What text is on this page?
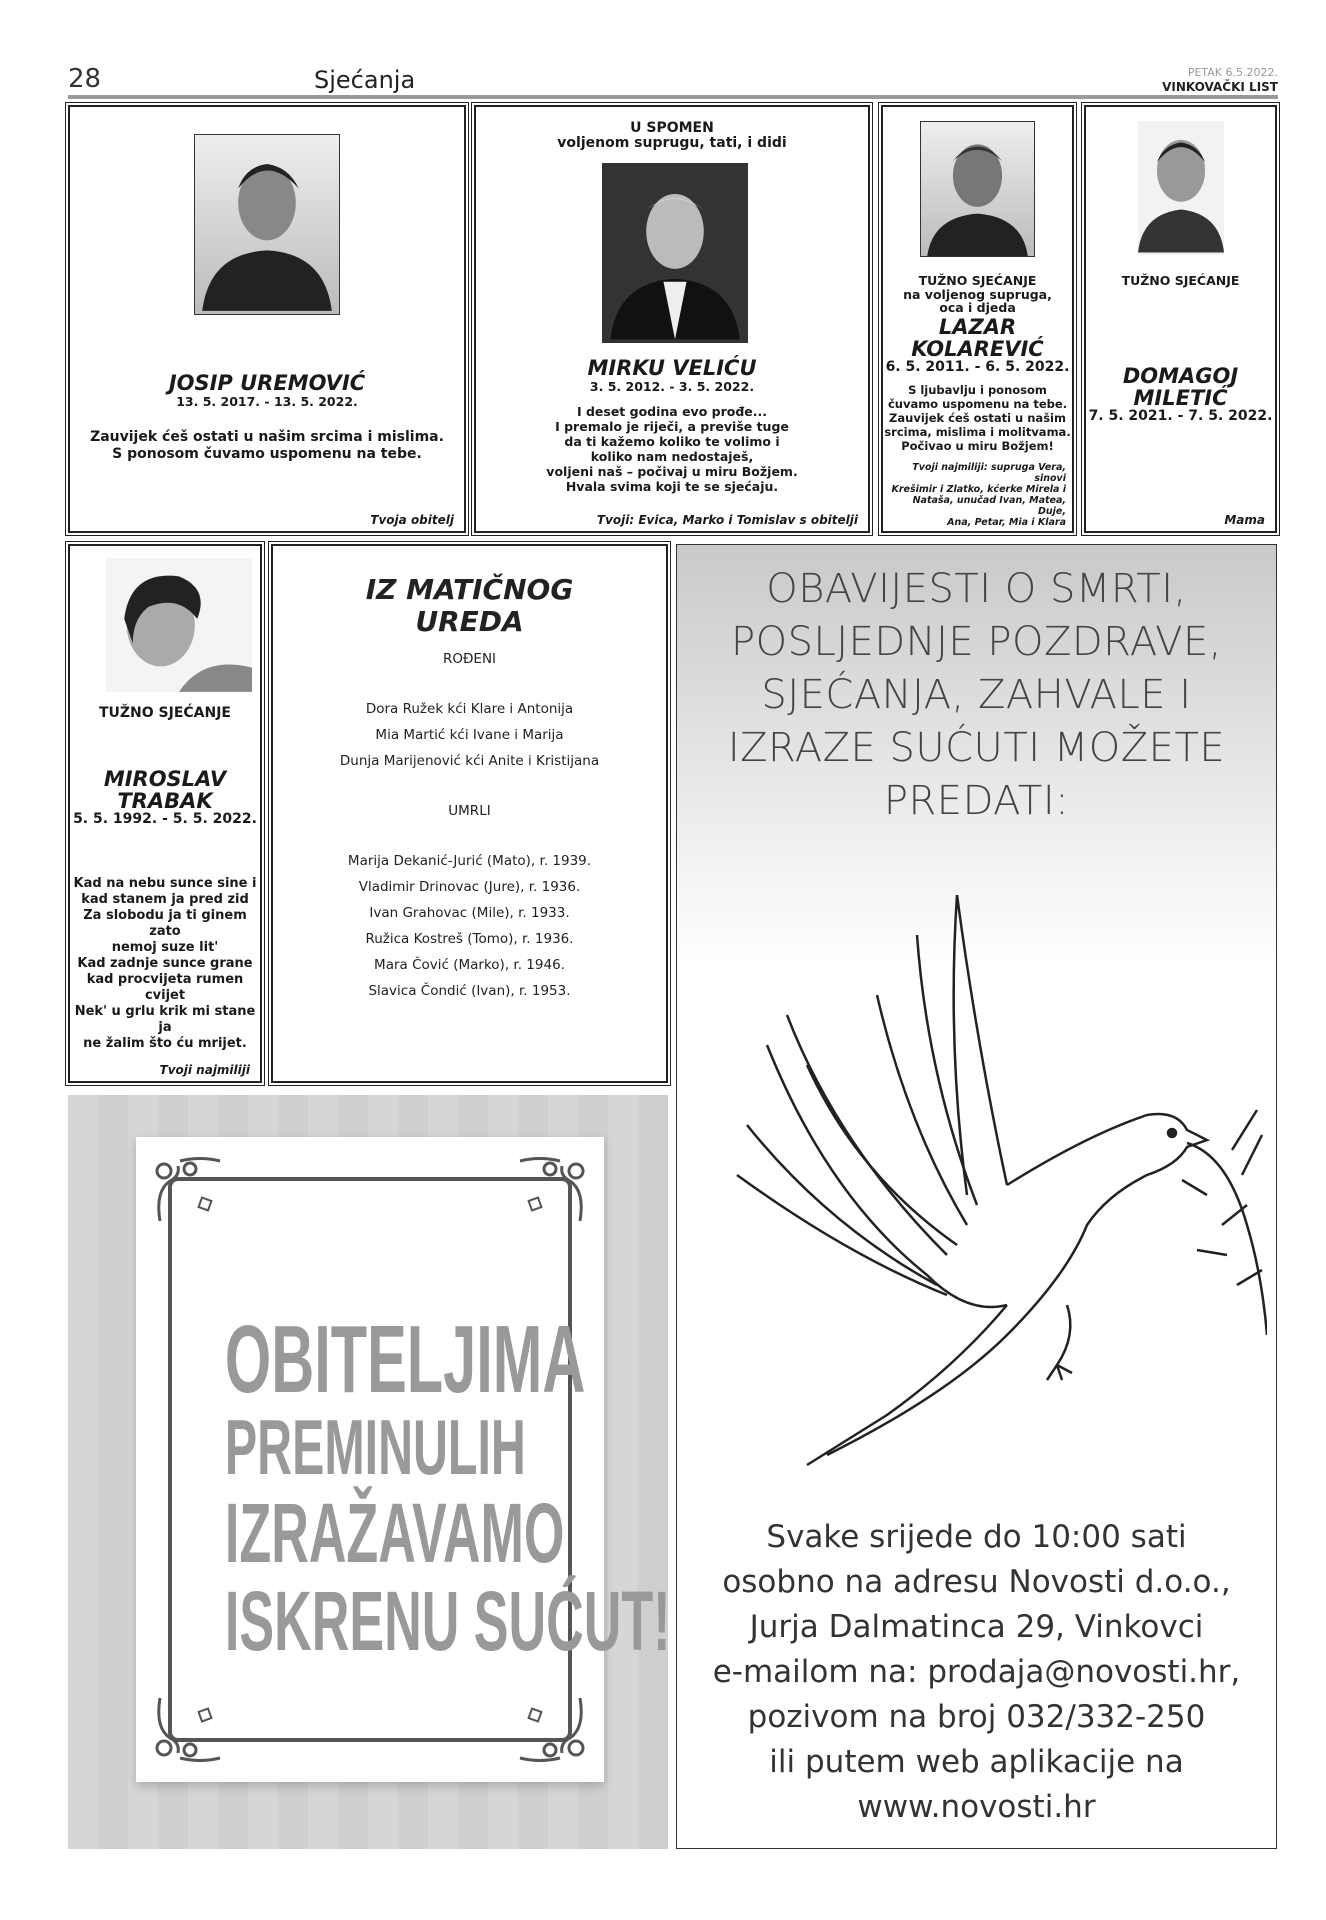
28	Sjećanja	PETAK 6.5.2022.
VINKOVAČKI LIST
JOSIP UREMOVIĆ
13. 5. 2017. - 13. 5. 2022.
Zauvijek ćeš ostati u našim srcima i mislima.
S ponosom čuvamo uspomenu na tebe.
Tvoja obitelj
U SPOMEN
voljenom suprugu, tati, i didi
MIRKU VELIĆU
3. 5. 2012. - 3. 5. 2022.
I deset godina evo prođe...
I premalo je riječi, a previše tuge
da ti kažemo koliko te volimo i
koliko nam nedostaješ,
voljeni naš – počivaj u miru Božjem.
Hvala svima koji te se sjećaju.
Tvoji: Evica, Marko i Tomislav s obitelji
TUŽNO SJEĆANJE
na voljenog supruga,
oca i djeda
LAZAR
KOLAREVIĆ
6. 5. 2011. - 6. 5. 2022.
S ljubavlju i ponosom
čuvamo uspomenu na tebe.
Zauvijek ćeš ostati u našim
srcima, mislima i molitvama.
Počivao u miru Božjem!
Tvoji najmiliji: supruga Vera, sinovi
Krešimir i Zlatko, kćerke Mirela i
Nataša, unučad Ivan, Matea, Duje,
Ana, Petar, Mia i Klara
TUŽNO SJEĆANJE
DOMAGOJ
MILETIĆ
7. 5. 2021. - 7. 5. 2022.
Mama
TUŽNO SJEĆANJE
MIROSLAV
TRABAK
5. 5. 1992. - 5. 5. 2022.
Kad na nebu sunce sine i
kad stanem ja pred zid
Za slobodu ja ti ginem zato
nemoj suze lit'
Kad zadnje sunce grane
kad procvijeta rumen
cvijet
Nek' u grlu krik mi stane ja
ne žalim što ću mrijet.
Tvoji najmiliji
IZ MATIČNOG
UREDA
ROĐENI
Dora Ružek kći Klare i Antonija
Mia Martić kći Ivane i Marija
Dunja Marijenović kći Anite i Kristijana
UMRLI
Marija Dekanić-Jurić (Mato), r. 1939.
Vladimir Drinovac (Jure), r. 1936.
Ivan Grahovac (Mile), r. 1933.
Ružica Kostreš (Tomo), r. 1936.
Mara Čović (Marko), r. 1946.
Slavica Čondić (Ivan), r. 1953.
OBITELJIMA
PREMINULIH
IZRAŽAVAMO
ISKRENU SUĆUT!
OBAVIJESTI O SMRTI,
POSLJEDNJE POZDRAVE,
SJEĆANJA, ZAHVALE I
IZRAZE SUĆUTI MOŽETE
PREDATI:
Svake srijede do 10:00 sati
osobno na adresu Novosti d.o.o.,
Jurja Dalmatinca 29, Vinkovci
e-mailom na: prodaja@novosti.hr,
pozivom na broj 032/332-250
ili putem web aplikacije na
www.novosti.hr
